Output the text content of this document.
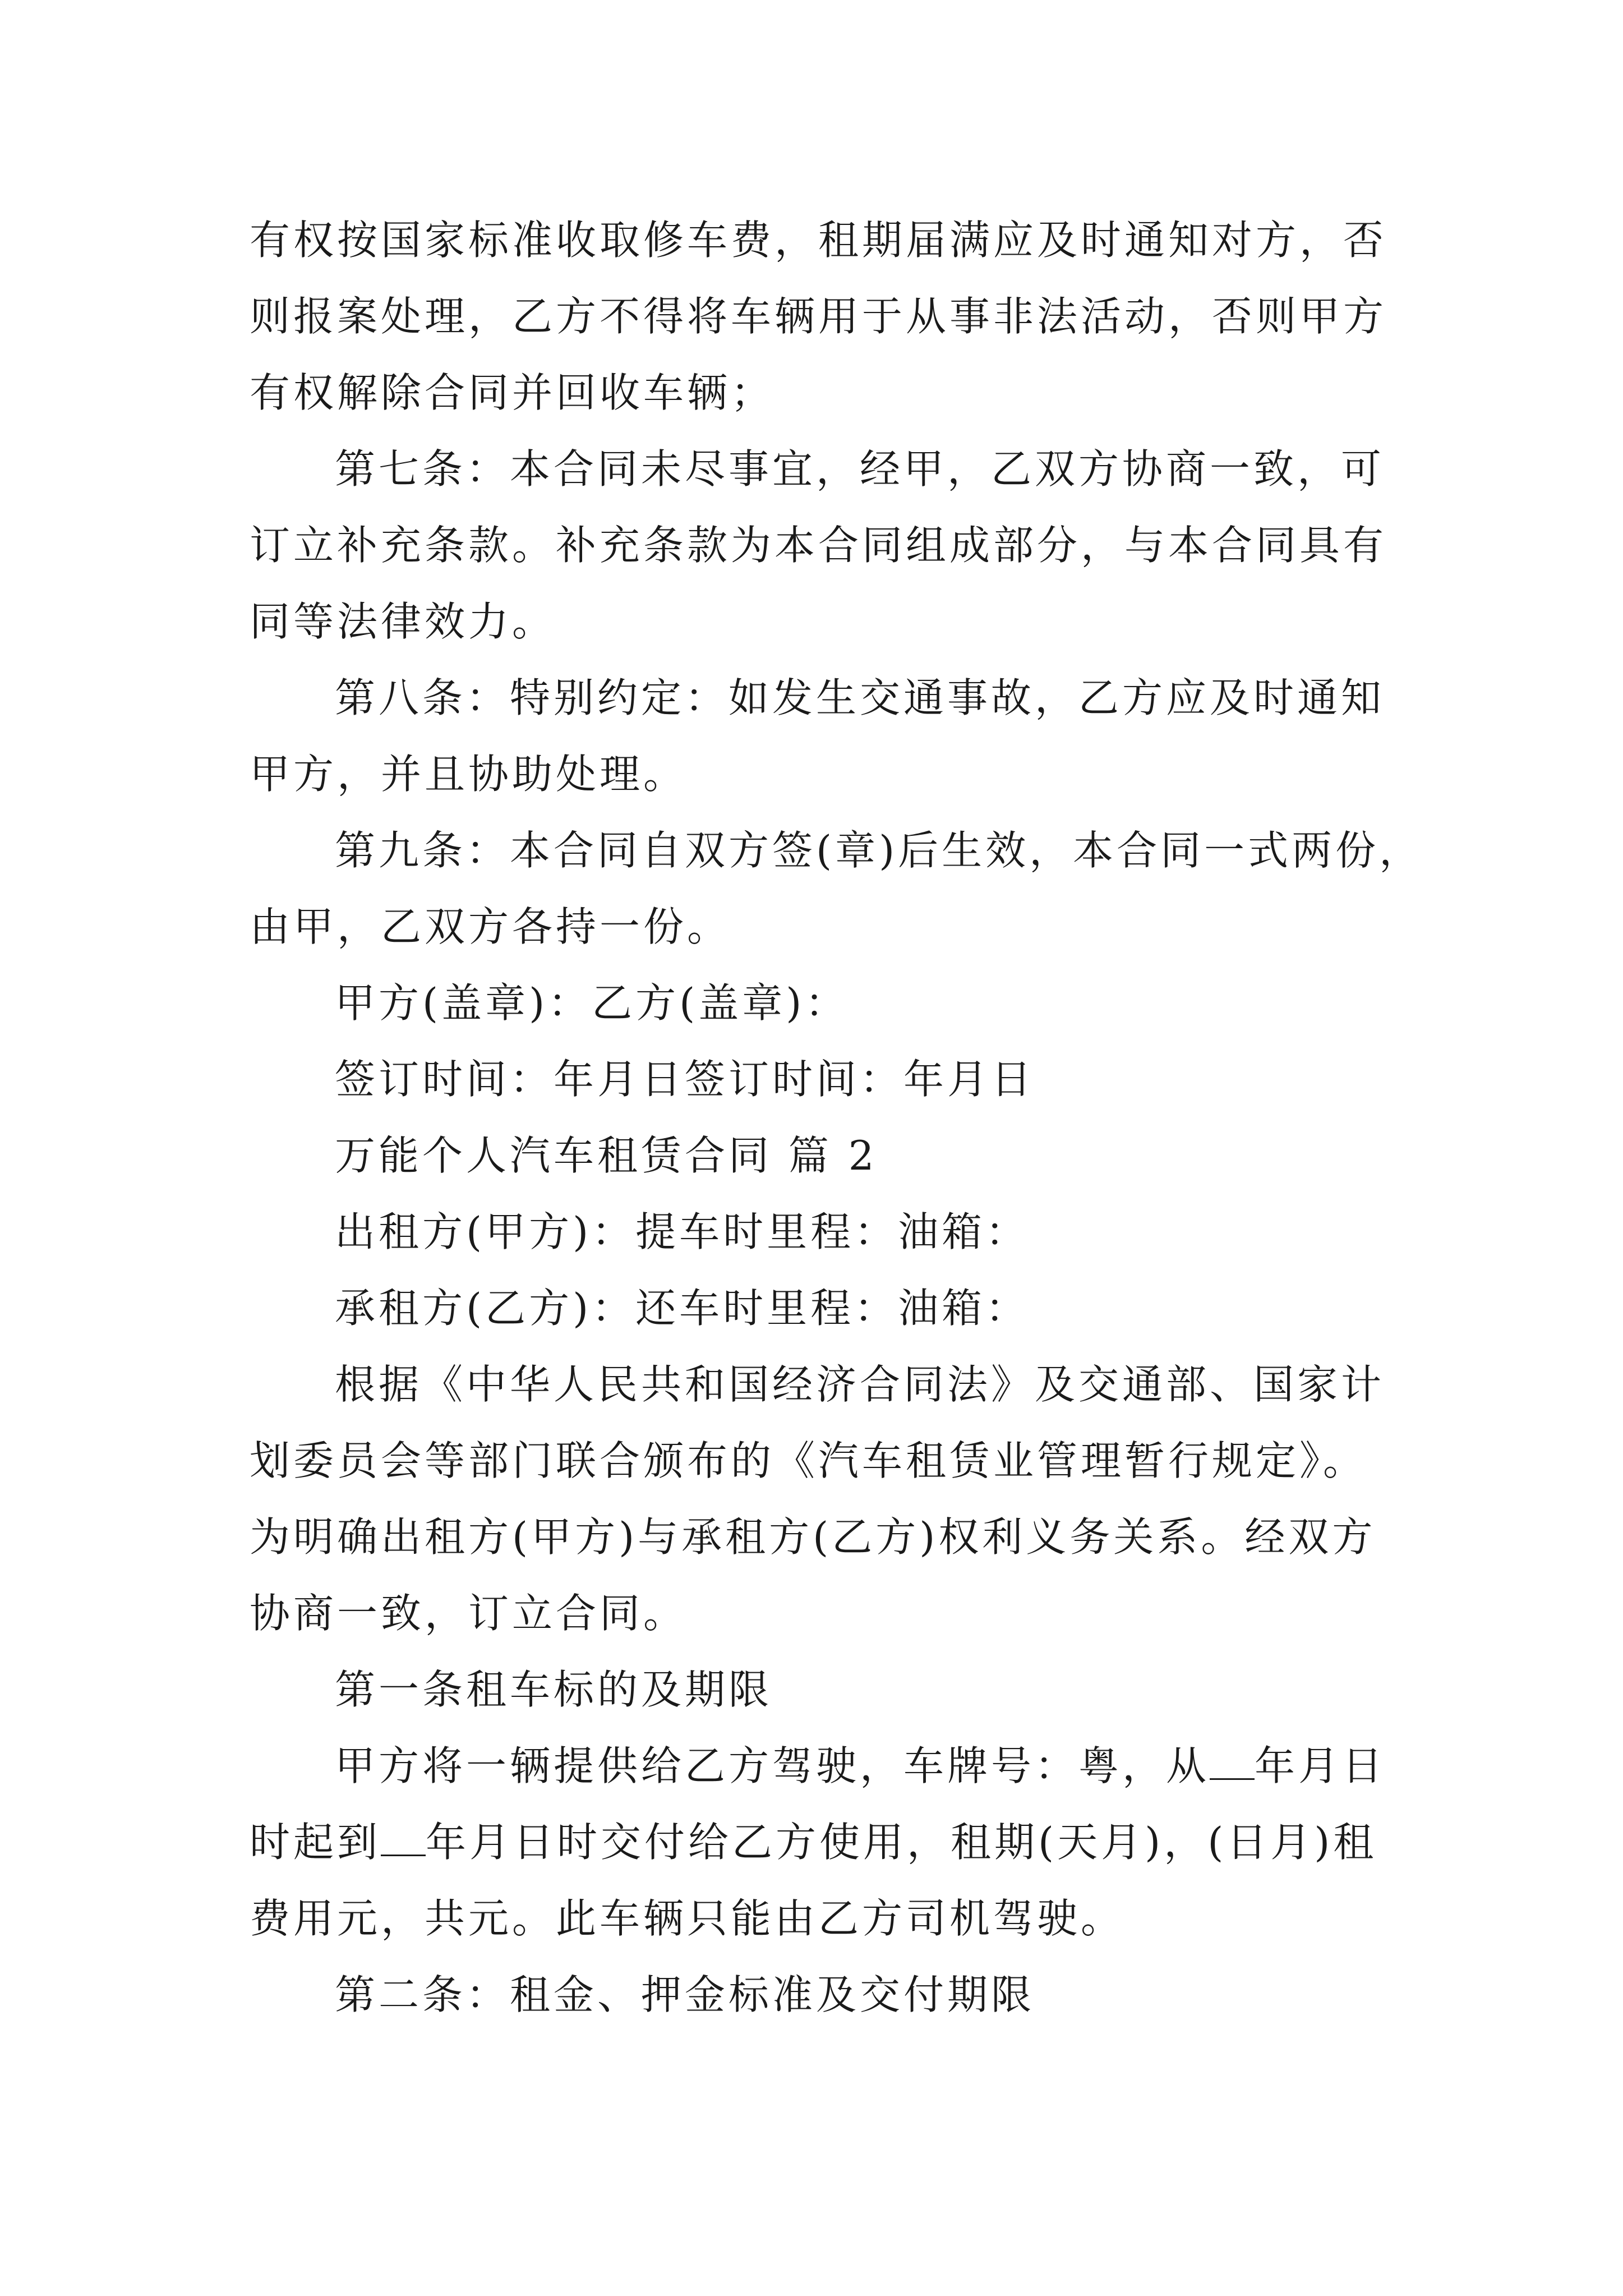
有权按国家标准收取修车费，租期届满应及时通知对方，否
则报案处理，乙方不得将车辆用于从事非法活动，否则甲方
有权解除合同并回收车辆；
第七条：本合同未尽事宜，经甲，乙双方协商一致，可
订立补充条款。补充条款为本合同组成部分，与本合同具有
同等法律效力。
第八条：特别约定：如发生交通事故，乙方应及时通知
甲方，并且协助处理。
第九条：本合同自双方签(章)后生效，本合同一式两份，
由甲，乙双方各持一份。
甲方(盖章)：乙方(盖章)：
签订时间：年月日签订时间：年月日
万能个人汽车租赁合同 篇 2
出租方(甲方)：提车时里程：油箱：
承租方(乙方)：还车时里程：油箱：
根据《中华人民共和国经济合同法》及交通部、国家计
划委员会等部门联合颁布的《汽车租赁业管理暂行规定》。
为明确出租方(甲方)与承租方(乙方)权利义务关系。经双方
协商一致，订立合同。
第一条租车标的及期限
甲方将一辆提供给乙方驾驶，车牌号：粤，从 年月日
时起到 年月日时交付给乙方使用，租期(天月)，(日月)租
费用元，共元。此车辆只能由乙方司机驾驶。
第二条：租金、押金标准及交付期限
